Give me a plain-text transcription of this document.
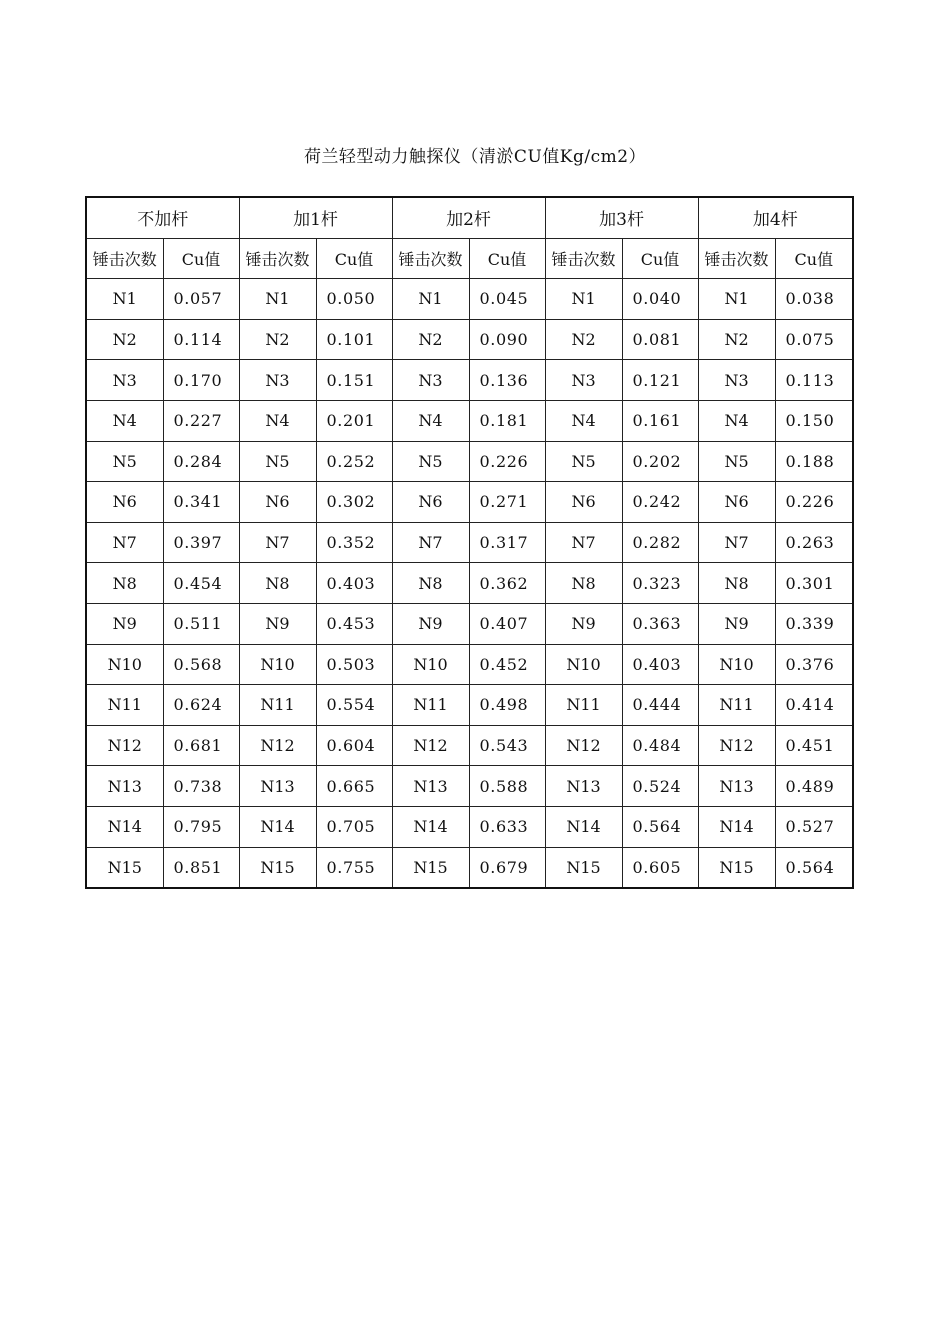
荷兰轻型动力触探仪（清淤CU值Kg/cm2）
不加杆		加1杆		加2杆		加3杆		加4杆	
锤击次数	Cu值	锤击次数	Cu值	锤击次数	Cu值	锤击次数	Cu值	锤击次数	Cu值
N1	0.057	N1	0.050	N1	0.045	N1	0.040	N1	0.038
N2	0.114	N2	0.101	N2	0.090	N2	0.081	N2	0.075
N3	0.170	N3	0.151	N3	0.136	N3	0.121	N3	0.113
N4	0.227	N4	0.201	N4	0.181	N4	0.161	N4	0.150
N5	0.284	N5	0.252	N5	0.226	N5	0.202	N5	0.188
N6	0.341	N6	0.302	N6	0.271	N6	0.242	N6	0.226
N7	0.397	N7	0.352	N7	0.317	N7	0.282	N7	0.263
N8	0.454	N8	0.403	N8	0.362	N8	0.323	N8	0.301
N9	0.511	N9	0.453	N9	0.407	N9	0.363	N9	0.339
N10	0.568	N10	0.503	N10	0.452	N10	0.403	N10	0.376
N11	0.624	N11	0.554	N11	0.498	N11	0.444	N11	0.414
N12	0.681	N12	0.604	N12	0.543	N12	0.484	N12	0.451
N13	0.738	N13	0.665	N13	0.588	N13	0.524	N13	0.489
N14	0.795	N14	0.705	N14	0.633	N14	0.564	N14	0.527
N15	0.851	N15	0.755	N15	0.679	N15	0.605	N15	0.564
